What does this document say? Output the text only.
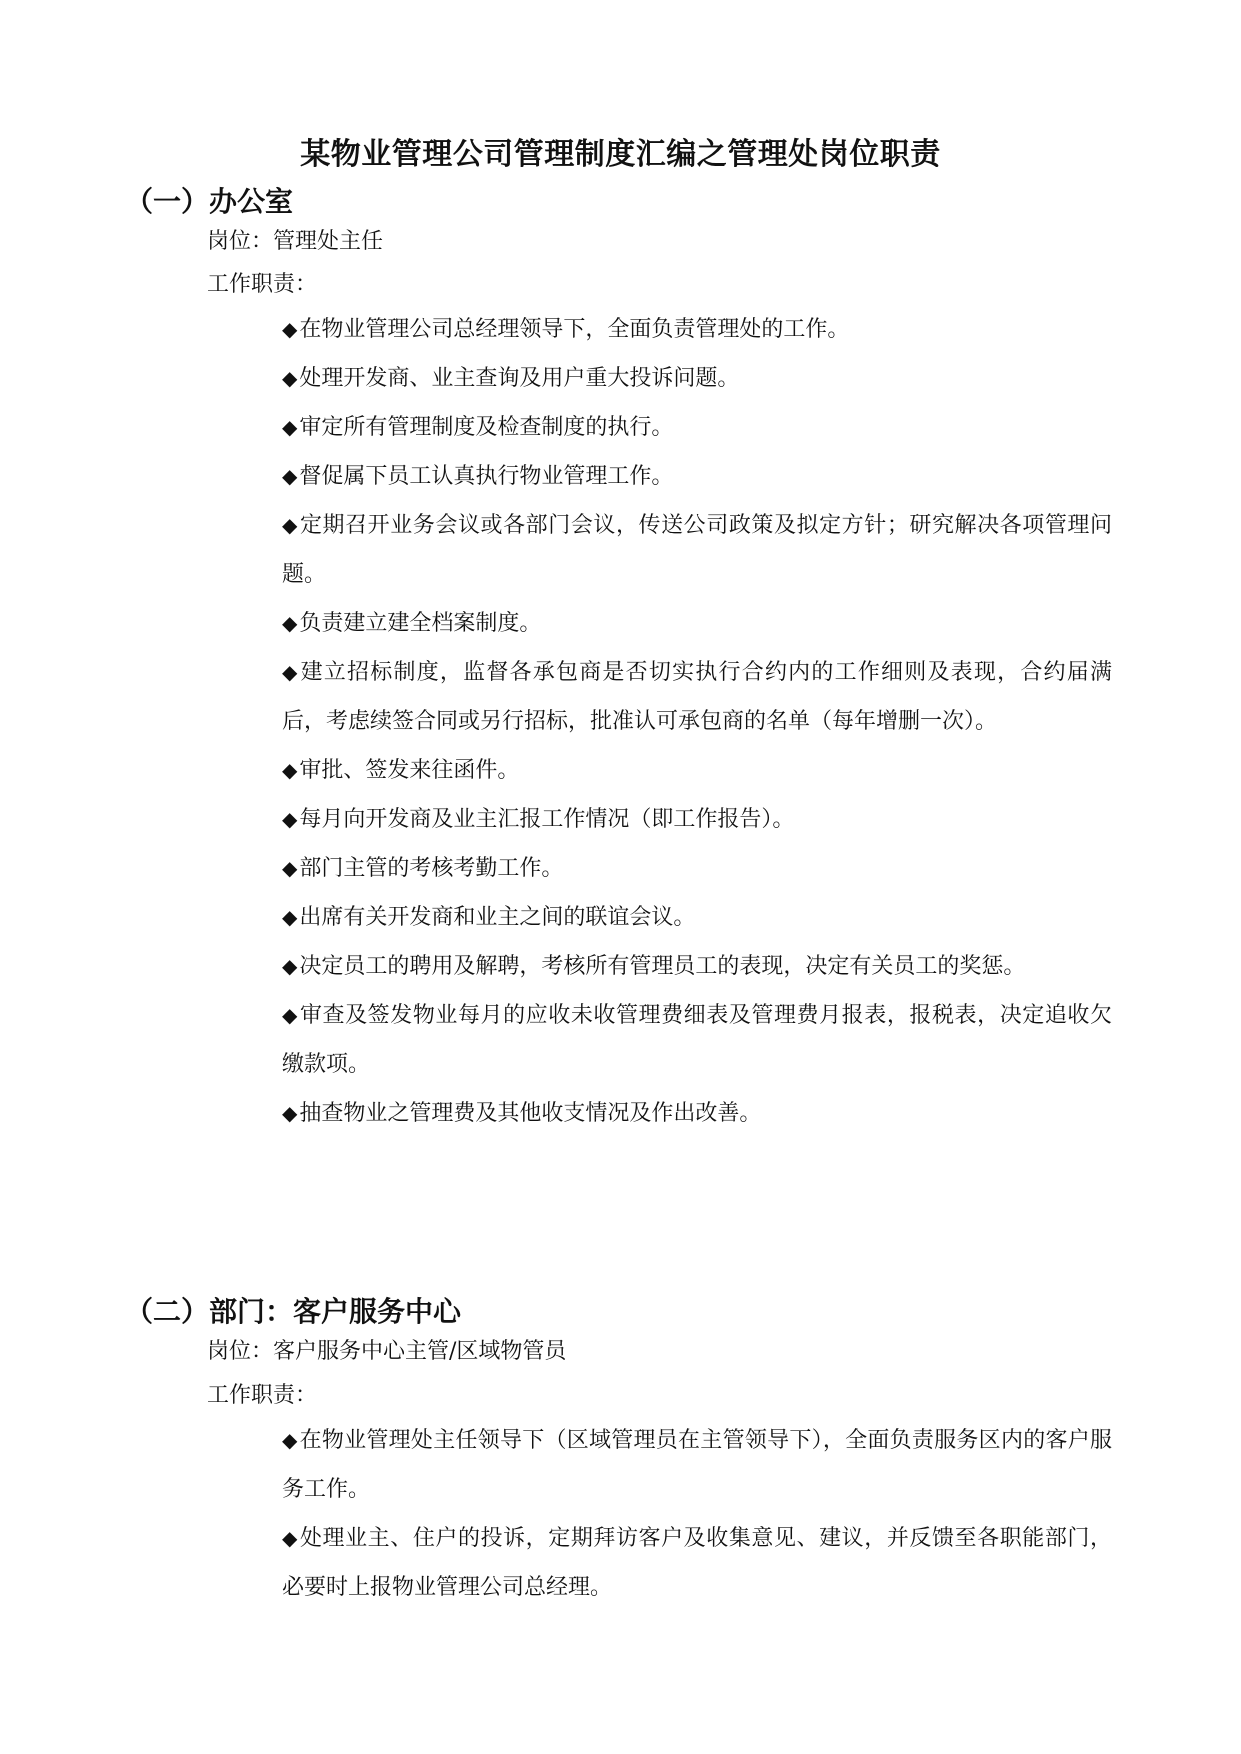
某物业管理公司管理制度汇编之管理处岗位职责
（一）办公室
岗位：管理处主任
工作职责：
◆在物业管理公司总经理领导下，全面负责管理处的工作。
◆处理开发商、业主查询及用户重大投诉问题。
◆审定所有管理制度及检查制度的执行。
◆督促属下员工认真执行物业管理工作。
◆定期召开业务会议或各部门会议，传送公司政策及拟定方针；研究解决各项管理问题。
◆负责建立建全档案制度。
◆建立招标制度，监督各承包商是否切实执行合约内的工作细则及表现，合约届满后，考虑续签合同或另行招标，批准认可承包商的名单（每年增删一次）。
◆审批、签发来往函件。
◆每月向开发商及业主汇报工作情况（即工作报告）。
◆部门主管的考核考勤工作。
◆出席有关开发商和业主之间的联谊会议。
◆决定员工的聘用及解聘，考核所有管理员工的表现，决定有关员工的奖惩。
◆审查及签发物业每月的应收未收管理费细表及管理费月报表，报税表，决定追收欠缴款项。
◆抽查物业之管理费及其他收支情况及作出改善。
（二）部门：客户服务中心
岗位：客户服务中心主管/区域物管员
工作职责：
◆在物业管理处主任领导下（区域管理员在主管领导下），全面负责服务区内的客户服务工作。
◆处理业主、住户的投诉，定期拜访客户及收集意见、建议，并反馈至各职能部门，必要时上报物业管理公司总经理。
